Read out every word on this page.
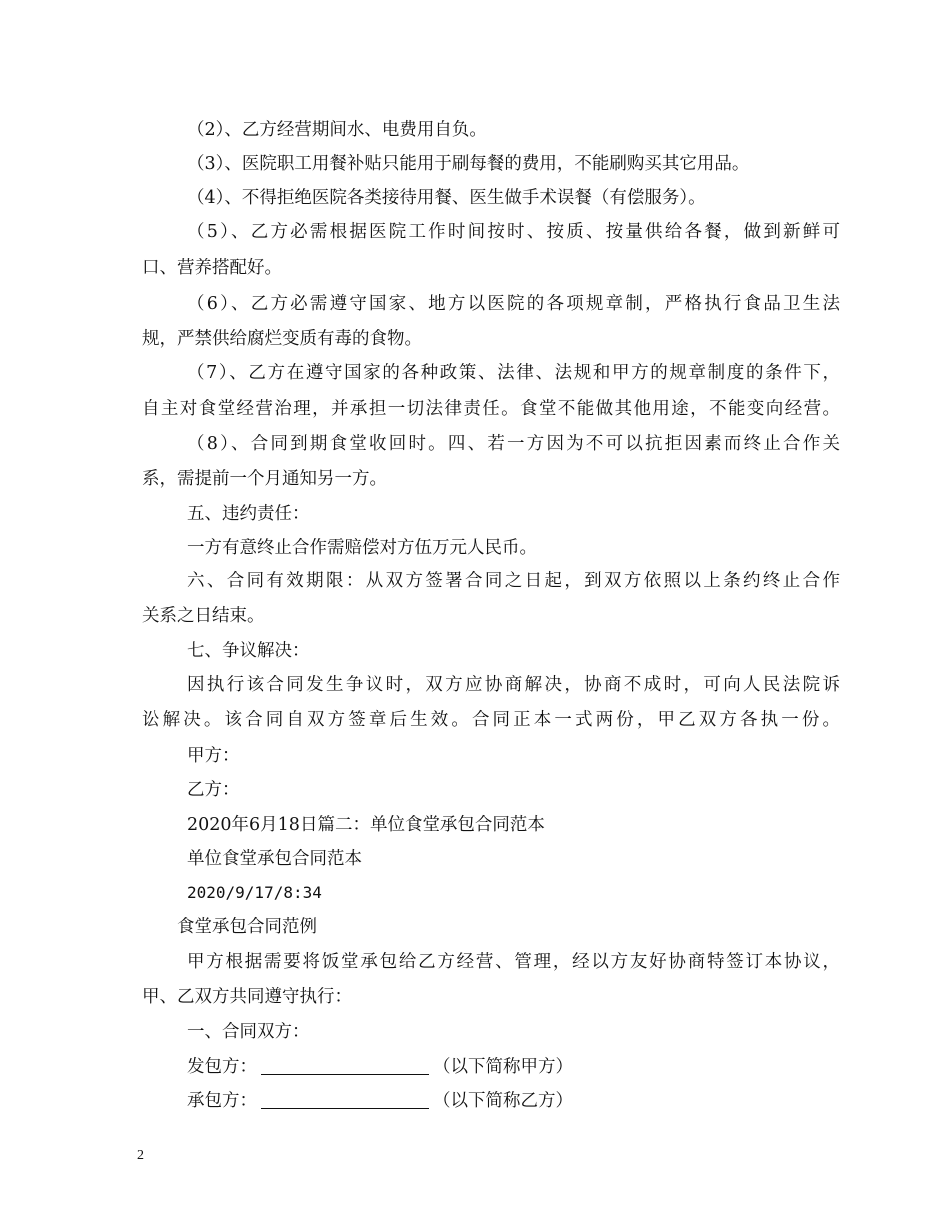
（2）、乙方经营期间水、电费用自负。
（3）、医院职工用餐补贴只能用于刷每餐的费用，不能刷购买其它用品。
（4）、不得拒绝医院各类接待用餐、医生做手术误餐（有偿服务）。
（5）、乙方必需根据医院工作时间按时、按质、按量供给各餐，做到新鲜可
口、营养搭配好。
（6）、乙方必需遵守国家、地方以医院的各项规章制，严格执行食品卫生法
规，严禁供给腐烂变质有毒的食物。
（7）、乙方在遵守国家的各种政策、法律、法规和甲方的规章制度的条件下，
自主对食堂经营治理，并承担一切法律责任。食堂不能做其他用途，不能变向经营。
（8）、合同到期食堂收回时。四、若一方因为不可以抗拒因素而终止合作关
系，需提前一个月通知另一方。
五、违约责任：
一方有意终止合作需赔偿对方伍万元人民币。
六、合同有效期限：从双方签署合同之日起，到双方依照以上条约终止合作
关系之日结束。
七、争议解决：
因执行该合同发生争议时，双方应协商解决，协商不成时，可向人民法院诉
讼解决。该合同自双方签章后生效。合同正本一式两份，甲乙双方各执一份。
甲方：
乙方：
2020年6月18日篇二：单位食堂承包合同范本
单位食堂承包合同范本
2020/9/17/8:34
食堂承包合同范例
甲方根据需要将饭堂承包给乙方经营、管理，经以方友好协商特签订本协议，
甲、乙双方共同遵守执行：
一、合同双方：
发包方：	（以下简称甲方）
承包方：	（以下简称乙方）
2
